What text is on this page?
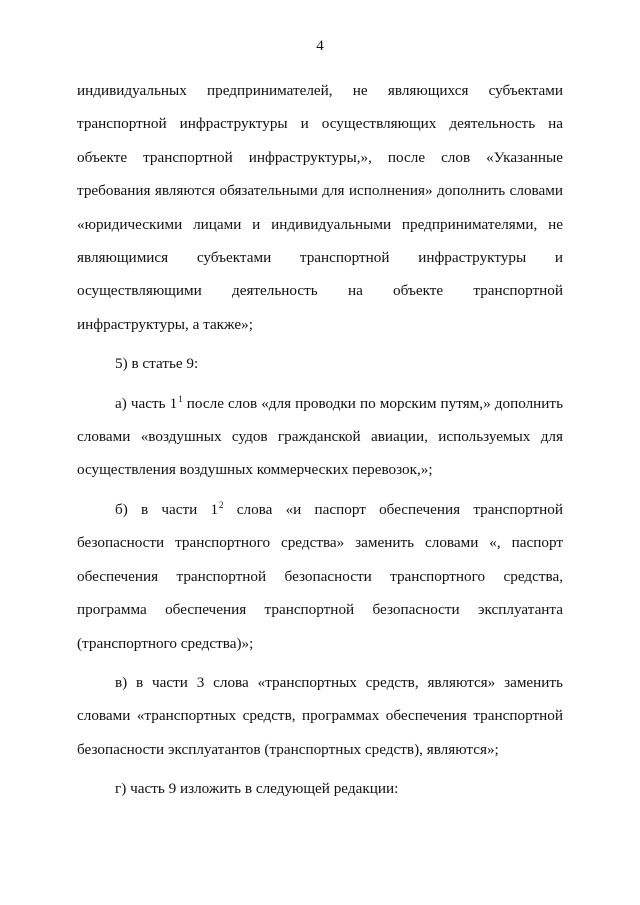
4

индивидуальных предпринимателей, не являющихся субъектами транспортной инфраструктуры и осуществляющих деятельность на объекте транспортной инфраструктуры,», после слов «Указанные требования являются обязательными для исполнения» дополнить словами «юридическими лицами и индивидуальными предпринимателями, не являющимися субъектами транспортной инфраструктуры и осуществляющими деятельность на объекте транспортной инфраструктуры, а также»;

5) в статье 9:

а) часть $1^1$ после слов «для проводки по морским путям,» дополнить словами «воздушных судов гражданской авиации, используемых для осуществления воздушных коммерческих перевозок,»;

б) в части $1^2$ слова «и паспорт обеспечения транспортной безопасности транспортного средства» заменить словами «, паспорт обеспечения транспортной безопасности транспортного средства, программа обеспечения транспортной безопасности эксплуатанта (транспортного средства)»;

в) в части 3 слова «транспортных средств, являются» заменить словами «транспортных средств, программах обеспечения транспортной безопасности эксплуатантов (транспортных средств), являются»;

г) часть 9 изложить в следующей редакции:
